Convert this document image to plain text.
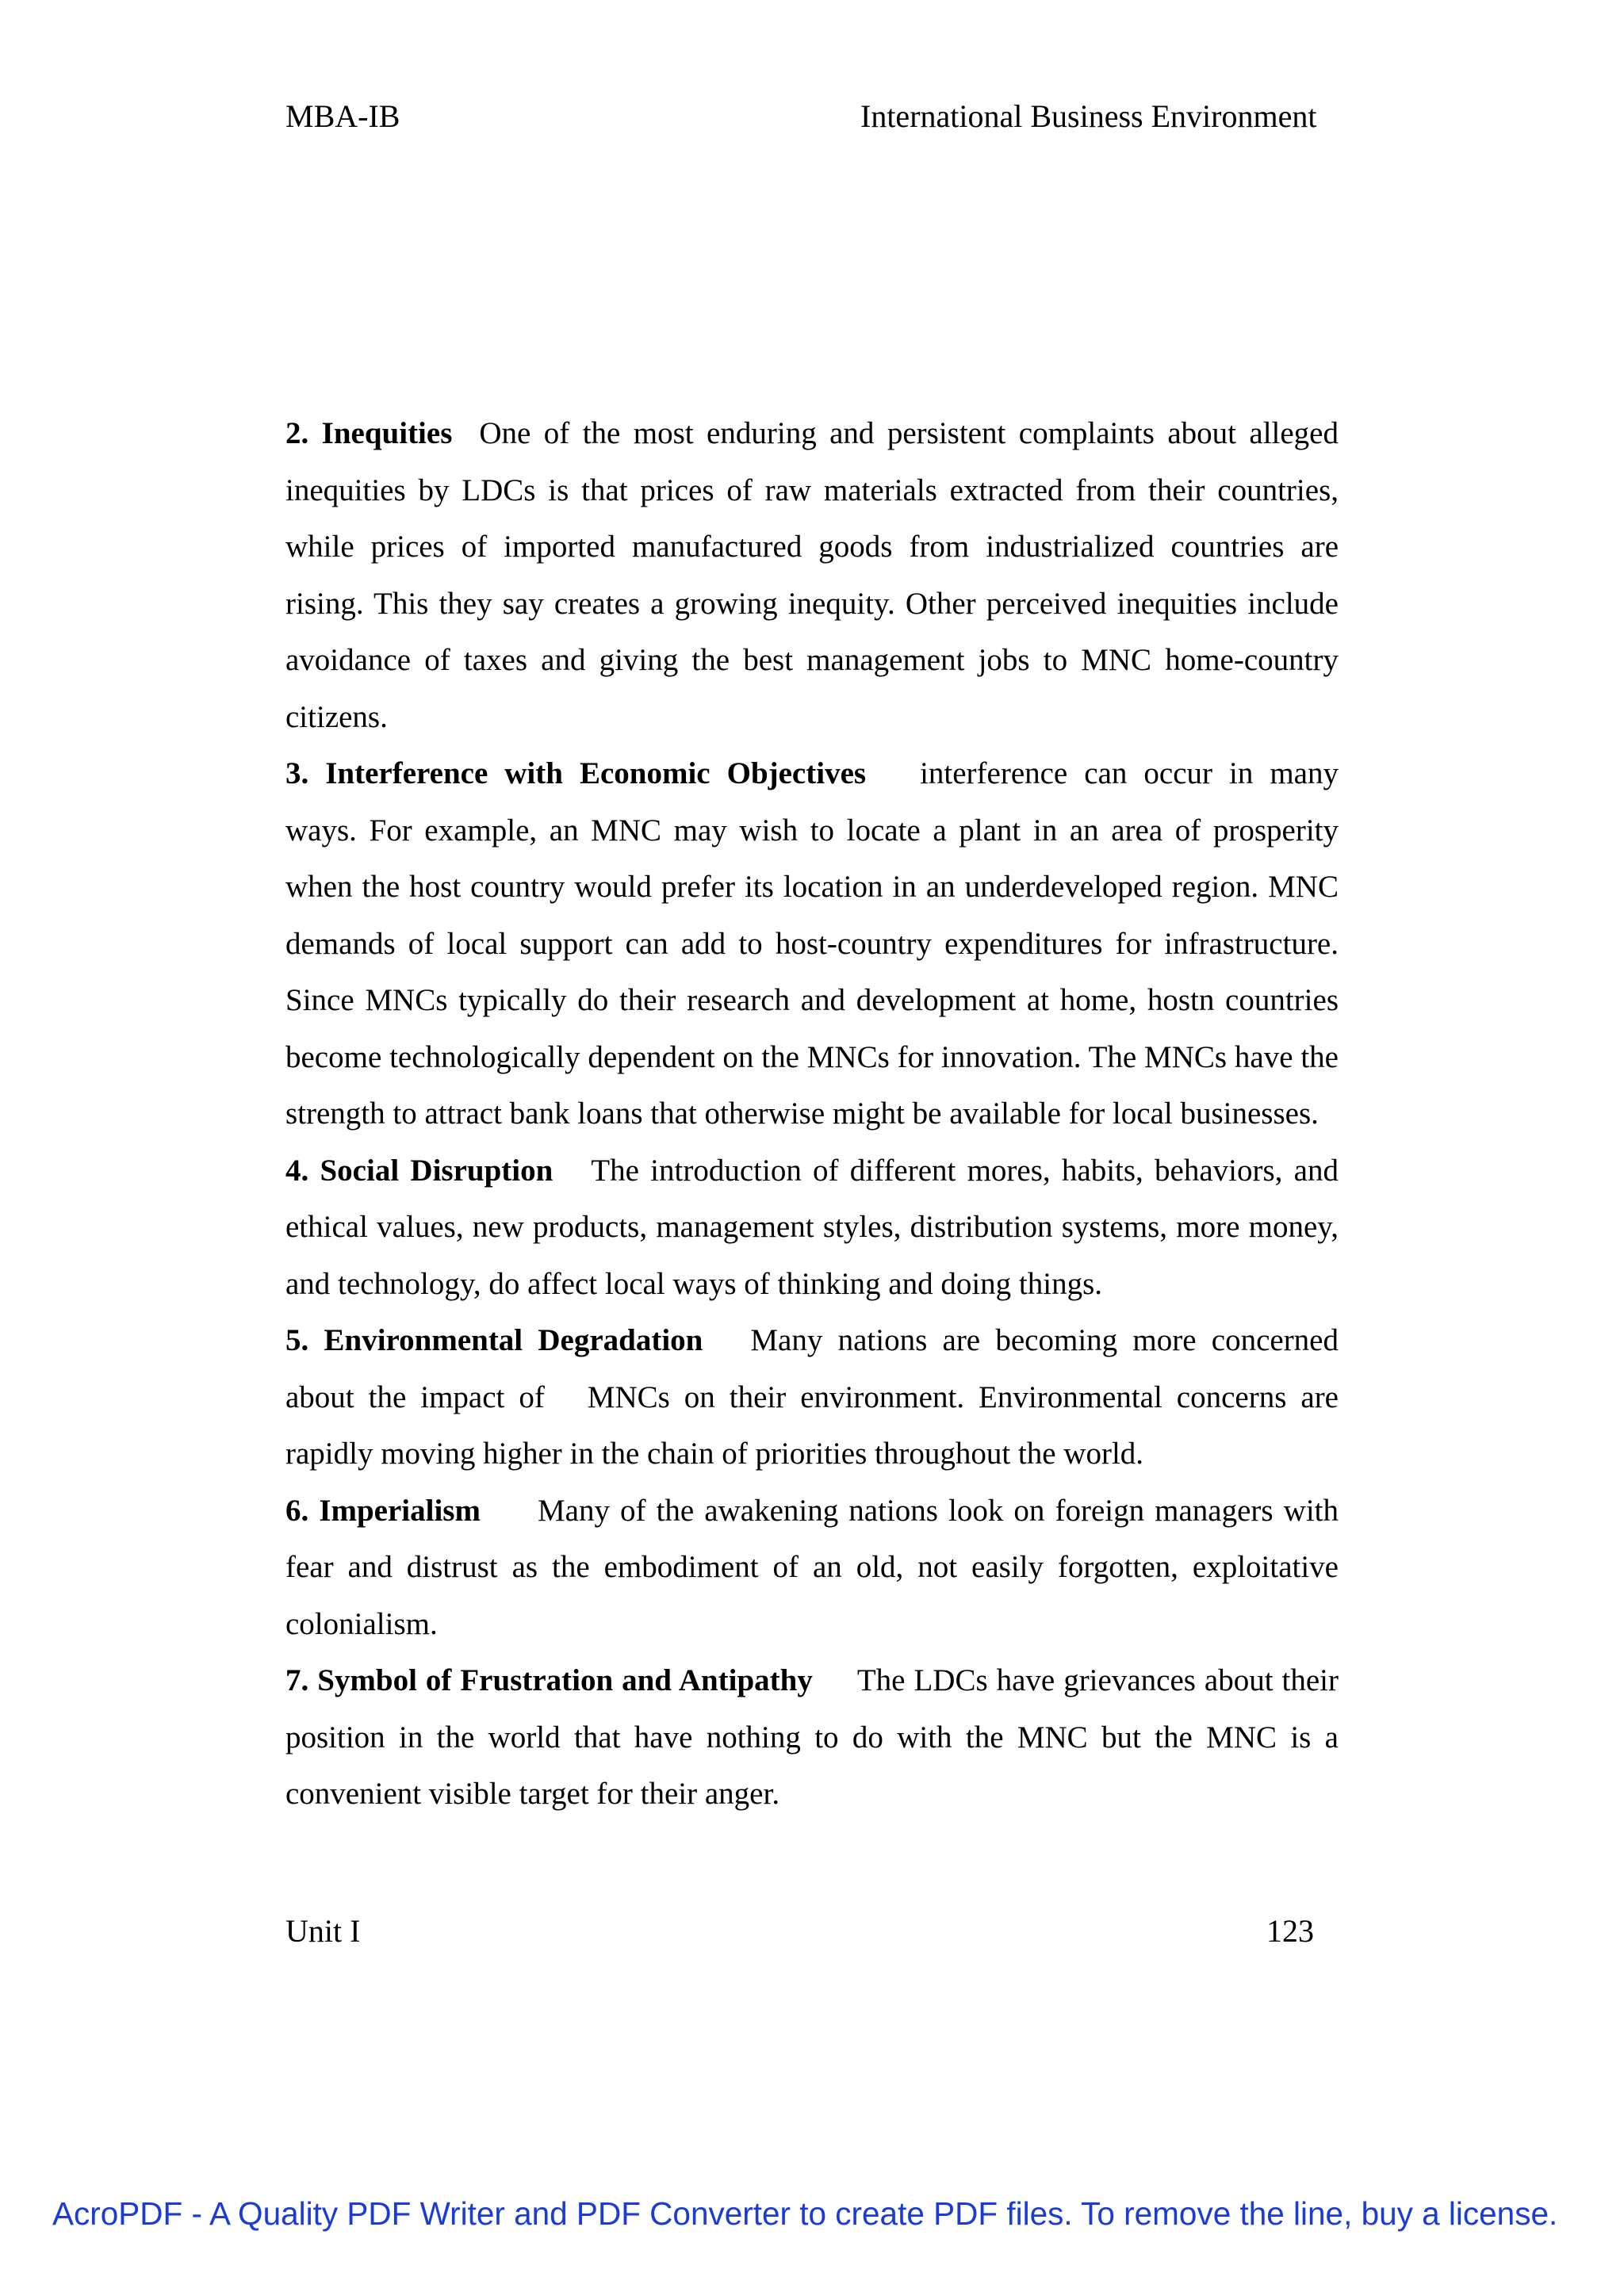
MBA-IB	International Business Environment

2. Inequities One of the most enduring and persistent complaints about alleged inequities by LDCs is that prices of raw materials extracted from their countries, while prices of imported manufactured goods from industrialized countries are rising. This they say creates a growing inequity. Other perceived inequities include avoidance of taxes and giving the best management jobs to MNC home-country citizens.

3. Interference with Economic Objectives interference can occur in many ways. For example, an MNC may wish to locate a plant in an area of prosperity when the host country would prefer its location in an underdeveloped region. MNC demands of local support can add to host-country expenditures for infrastructure. Since MNCs typically do their research and development at home, hostn countries become technologically dependent on the MNCs for innovation. The MNCs have the strength to attract bank loans that otherwise might be available for local businesses.

4. Social Disruption The introduction of different mores, habits, behaviors, and ethical values, new products, management styles, distribution systems, more money, and technology, do affect local ways of thinking and doing things.

5. Environmental Degradation Many nations are becoming more concerned about the impact of   MNCs on their environment. Environmental concerns are rapidly moving higher in the chain of priorities throughout the world.

6. Imperialism Many of the awakening nations look on foreign managers with fear and distrust as the embodiment of an old, not easily forgotten, exploitative colonialism.

7. Symbol of Frustration and Antipathy The LDCs have grievances about their position in the world that have nothing to do with the MNC but the MNC is a convenient visible target for their anger.

Unit I	123
AcroPDF - A Quality PDF Writer and PDF Converter to create PDF files. To remove the line, buy a license.
